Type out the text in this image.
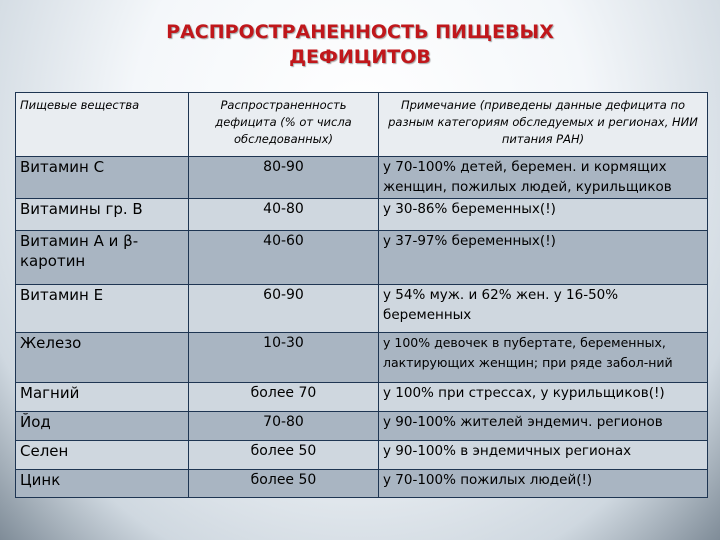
РАСПРОСТРАНЕННОСТЬ ПИЩЕВЫХ
ДЕФИЦИТОВ
Пищевые вещества	Распространенность дефицита (% от числа обследованных)	Примечание (приведены данные дефицита по разным категориям обследуемых и регионах, НИИ питания РАН)
Витамин С	80-90	у 70-100% детей, беремен. и кормящих женщин, пожилых людей, курильщиков
Витамины гр. В	40-80	у 30-86% беременных(!)
Витамин А и β-каротин	40-60	у 37-97% беременных(!)
Витамин Е	60-90	у 54% муж. и 62% жен. у 16-50% беременных
Железо	10-30	у 100% девочек в пубертате, беременных, лактирующих женщин; при ряде забол-ний
Магний	более 70	у 100% при стрессах, у курильщиков(!)
Йод	70-80	у 90-100% жителей эндемич. регионов
Селен	более 50	у 90-100% в эндемичных регионах
Цинк	более 50	у 70-100% пожилых людей(!)
